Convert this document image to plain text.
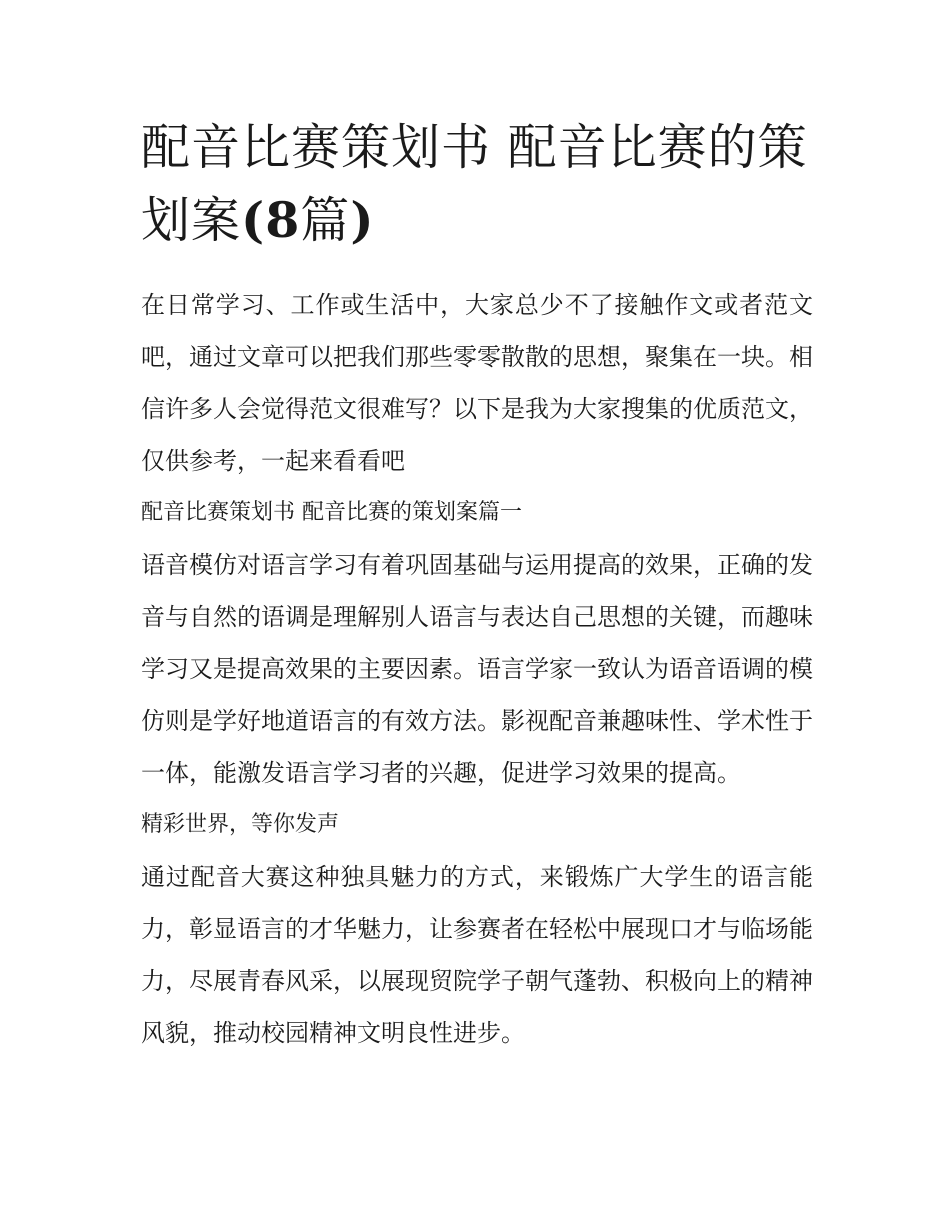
配音比赛策划书 配音比赛的策划案(8篇)

在日常学习、工作或生活中，大家总少不了接触作文或者范文吧，通过文章可以把我们那些零零散散的思想，聚集在一块。相信许多人会觉得范文很难写？以下是我为大家搜集的优质范文，仅供参考，一起来看看吧

配音比赛策划书 配音比赛的策划案篇一

语音模仿对语言学习有着巩固基础与运用提高的效果，正确的发音与自然的语调是理解别人语言与表达自己思想的关键，而趣味学习又是提高效果的主要因素。语言学家一致认为语音语调的模仿则是学好地道语言的有效方法。影视配音兼趣味性、学术性于一体，能激发语言学习者的兴趣，促进学习效果的提高。

精彩世界，等你发声

通过配音大赛这种独具魅力的方式，来锻炼广大学生的语言能力，彰显语言的才华魅力，让参赛者在轻松中展现口才与临场能力，尽展青春风采，以展现贸院学子朝气蓬勃、积极向上的精神风貌，推动校园精神文明良性进步。
